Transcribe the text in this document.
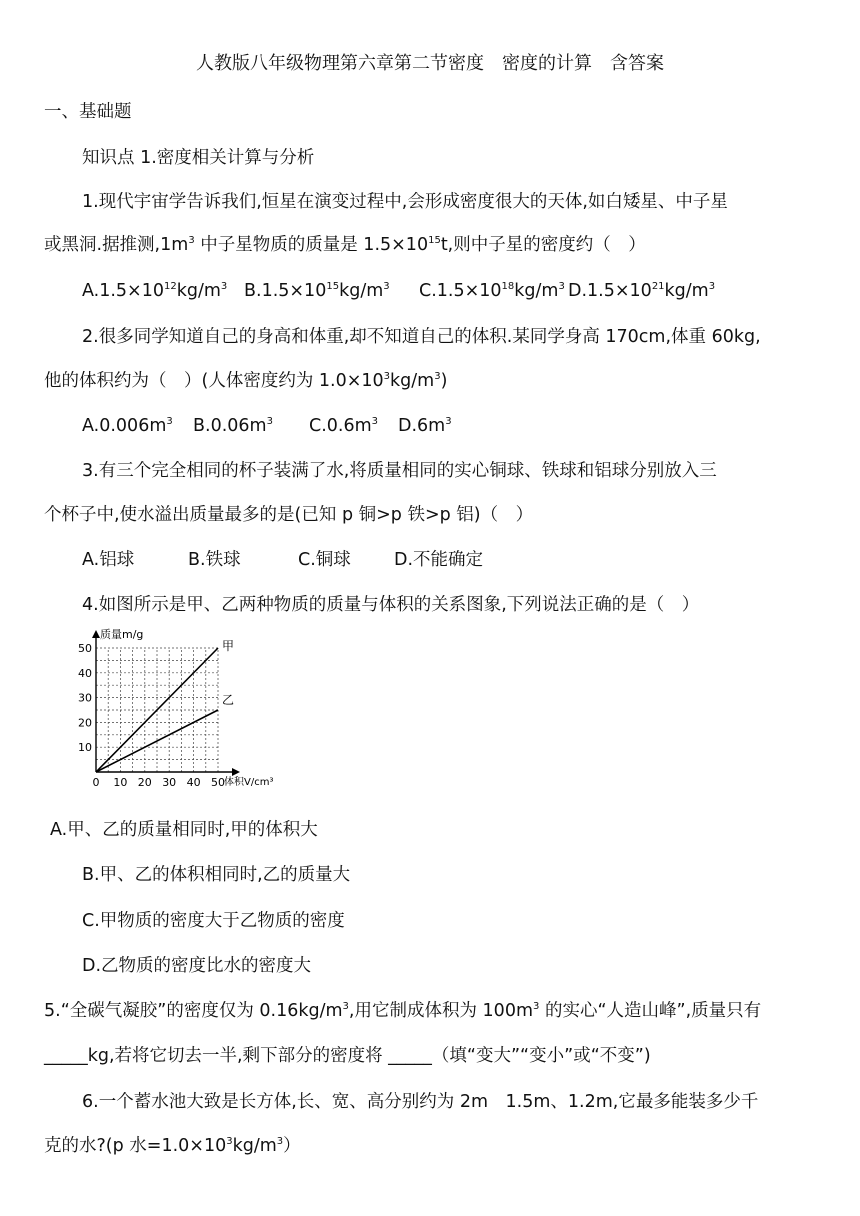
人教版八年级物理第六章第二节密度　密度的计算　含答案
一、基础题
知识点 1.密度相关计算与分析
1.现代宇宙学告诉我们,恒星在演变过程中,会形成密度很大的天体,如白矮星、中子星
或黑洞.据推测$,1m^3$ 中子星物质的质量是 $1.5\times 10^{15}t$,则中子星的密度约（　）
$A.1.5\times 10^{12}kg/m^3$ $B.1.5\times 10^{15}kg/m^3$ $C.1.5\times 10^{18}kg/m^3$ $D.1.5\times 10^{21}kg/m^3$
2.很多同学知道自己的身高和体重,却不知道自己的体积.某同学身高 170cm,体重 60kg,
他的体积约为（　）(人体密度约为 $1.0\times 10^3kg/m^3$)
$A.0.006m^3$ $B.0.06m^3$ $C.0.6m^3$ $D.6m^3$
3.有三个完全相同的杯子装满了水,将质量相同的实心铜球、铁球和铝球分别放入三
个杯子中,使水溢出质量最多的是(已知 p 铜>p 铁>p 铝)（　）
A.铝球	B.铁球	C.铜球 D.不能确定
4.如图所示是甲、乙两种物质的质量与体积的关系图象,下列说法正确的是（　）
0 10 20 30 40 50
10
20
30
40
50	甲
乙
质量m/g
体积V/cm³
A.甲、乙的质量相同时,甲的体积大
B.甲、乙的体积相同时,乙的质量大
C.甲物质的密度大于乙物质的密度
D.乙物质的密度比水的密度大
5.“全碳气凝胶”的密度仅为 $0.16kg/m^3$,用它制成体积为 $100m^3$ 的实心“人造山峰”,质量只有
_____kg,若将它切去一半,剩下部分的密度将 _____（填“变大”“变小”或“不变”)
6.一个蓄水池大致是长方体,长、宽、高分别约为 2m　1.5m、1.2m,它最多能装多少千
克的水?(p 水$=1.0\times 10^3kg/m^3$）
